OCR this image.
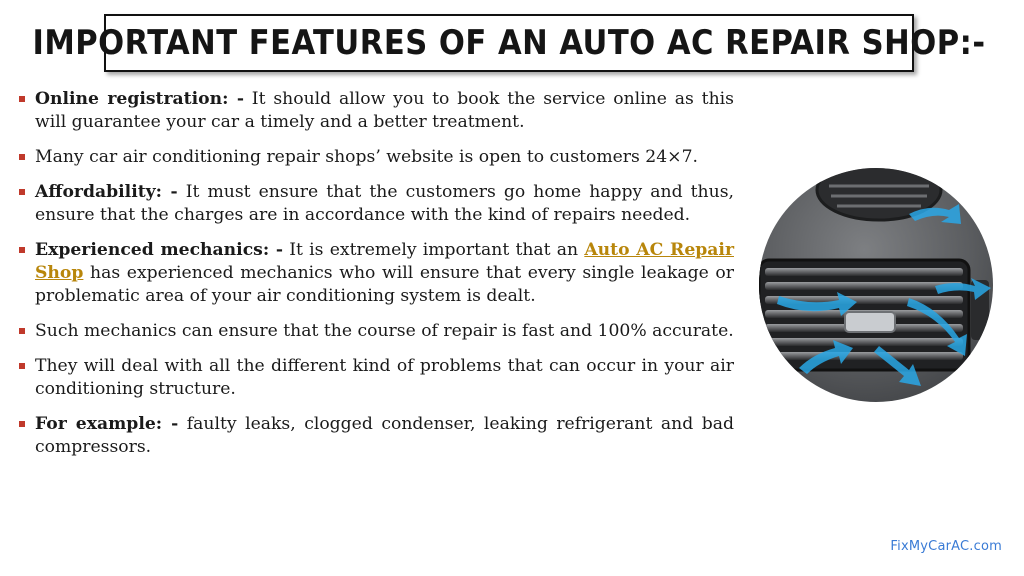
IMPORTANT FEATURES OF AN AUTO AC REPAIR SHOP:-
Online registration: - It should allow you to book the service online as this will guarantee your car a timely and a better treatment.
Many car air conditioning repair shops’ website is open to customers 24×7.
Affordability: - It must ensure that the customers go home happy and thus, ensure that the charges are in accordance with the kind of repairs needed.
Experienced mechanics: - It is extremely important that an Auto AC Repair Shop has experienced mechanics who will ensure that every single leakage or problematic area of your air conditioning system is dealt.
Such mechanics can ensure that the course of repair is fast and 100% accurate.
They will deal with all the different kind of problems that can occur in your air conditioning structure.
For example: - faulty leaks, clogged condenser, leaking refrigerant and bad compressors.
FixMyCarAC.com
